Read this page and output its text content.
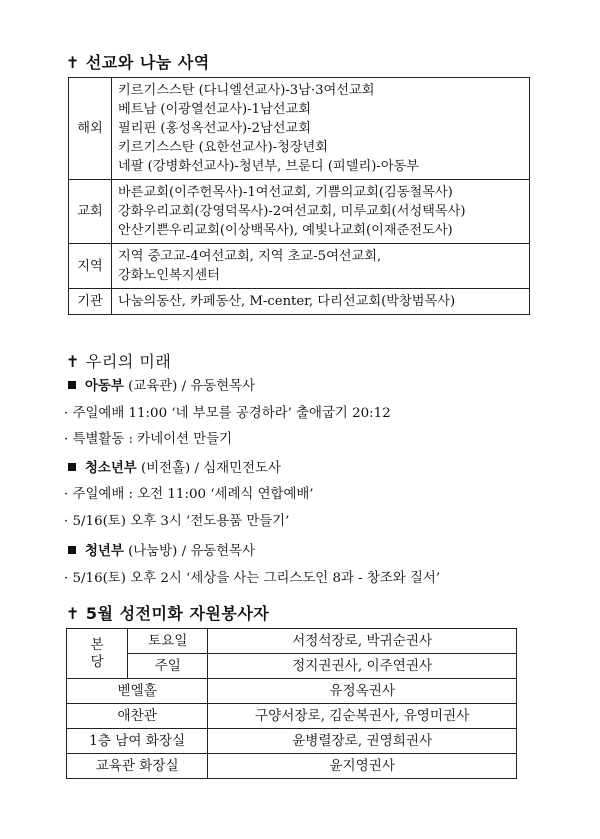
✝ 선교와 나눔 사역
해외	키르기스스탄 (다니엘선교사)-3남·3여선교회
베트남 (이광열선교사)-1남선교회
필리핀 (홍성옥선교사)-2남선교회
키르기스스탄 (요한선교사)-청장년회
네팔 (강병화선교사)-청년부, 브룬디 (피델리)-아동부

교회	바른교회(이주헌목사)-1여선교회, 기쁨의교회(김동철목사)
강화우리교회(강영덕목사)-2여선교회, 미루교회(서성택목사)
안산기쁜우리교회(이상백목사), 예빛나교회(이재준전도사)

지역	지역 중고교-4여선교회, 지역 초교-5여선교회,
강화노인복지센터

기관	나눔의동산, 카페동산, M-center, 다리선교회(박창범목사)
✝ 우리의 미래
아동부 (교육관) / 유동현목사
· 주일예배 11:00 ‘네 부모를 공경하라’ 출애굽기 20:12
· 특별활동 : 카네이션 만들기
청소년부 (비전홀) / 심재민전도사
· 주일예배 : 오전 11:00 ‘세례식 연합예배’
· 5/16(토) 오후 3시 ‘전도용품 만들기’
청년부 (나눔방) / 유동현목사
· 5/16(토) 오후 2시 ‘세상을 사는 그리스도인 8과 - 창조와 질서’
✝ 5월 성전미화 자원봉사자
본
당	토요일	서정석장로, 박귀순권사
	주일	정지권권사, 이주연권사
벧엘홀		유정옥권사
애찬관		구양서장로, 김순복권사, 유영미권사
1층 남여 화장실		윤병렬장로, 권영희권사
교육관 화장실		윤지영권사
